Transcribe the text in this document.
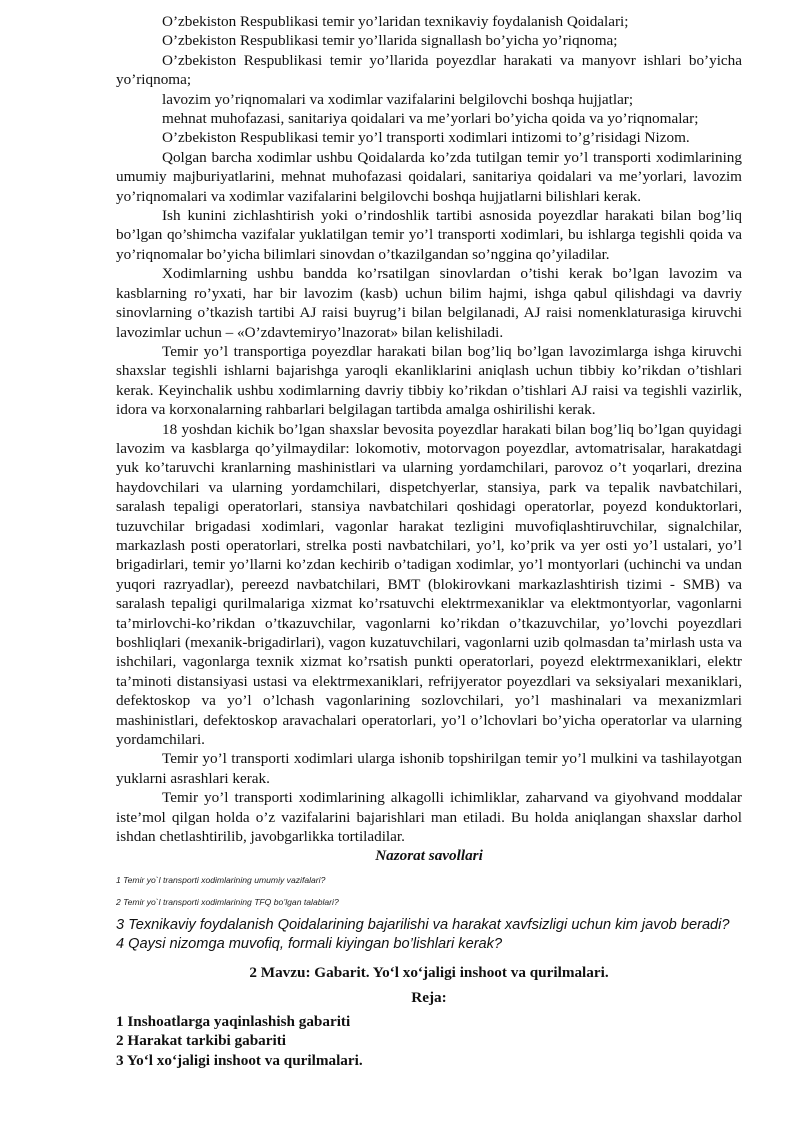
O’zbekiston Respublikasi temir yo’laridan texnikaviy foydalanish Qoidalari;

O’zbekiston Respublikasi temir yo’llarida signallash bo’yicha yo’riqnoma;

O’zbekiston Respublikasi temir yo’llarida poyezdlar harakati va manyovr ishlari bo’yicha yo’riqnoma;

lavozim yo’riqnomalari va xodimlar vazifalarini belgilovchi boshqa hujjatlar;

mehnat muhofazasi, sanitariya qoidalari va me’yorlari bo’yicha qoida va yo’riqnomalar;

O’zbekiston Respublikasi temir yo’l transporti xodimlari intizomi to’g’risidagi Nizom.

Qolgan barcha xodimlar ushbu Qoidalarda ko’zda tutilgan temir yo’l transporti xodimlarining umumiy majburiyatlarini, mehnat muhofazasi qoidalari, sanitariya qoidalari va me’yorlari, lavozim yo’riqnomalari va xodimlar vazifalarini belgilovchi boshqa hujjatlarni bilishlari kerak.

Ish kunini zichlashtirish yoki o’rindoshlik tartibi asnosida poyezdlar harakati bilan bog’liq bo’lgan qo’shimcha vazifalar yuklatilgan temir yo’l transporti xodimlari, bu ishlarga tegishli qoida va yo’riqnomalar bo’yicha bilimlari sinovdan o’tkazilgandan so’nggina qo’yiladilar.

Xodimlarning ushbu bandda ko’rsatilgan sinovlardan o’tishi kerak bo’lgan lavozim va kasblarning ro’yxati, har bir lavozim (kasb) uchun bilim hajmi, ishga qabul qilishdagi va davriy sinovlarning o’tkazish tartibi AJ raisi buyrug’i bilan belgilanadi, AJ raisi nomenklaturasiga kiruvchi lavozimlar uchun – «O’zdavtemiryo’lnazorat» bilan kelishiladi.

Temir yo’l transportiga poyezdlar harakati bilan bog’liq bo’lgan lavozimlarga ishga kiruvchi shaxslar tegishli ishlarni bajarishga yaroqli ekanliklarini aniqlash uchun tibbiy ko’rikdan o’tishlari kerak. Keyinchalik ushbu xodimlarning davriy tibbiy ko’rikdan o’tishlari AJ raisi va tegishli vazirlik, idora va korxonalarning rahbarlari belgilagan tartibda amalga oshirilishi kerak.

18 yoshdan kichik bo’lgan shaxslar bevosita poyezdlar harakati bilan bog’liq bo’lgan quyidagi lavozim va kasblarga qo’yilmaydilar: lokomotiv, motorvagon poyezdlar, avtomatrisalar, harakatdagi yuk ko’taruvchi kranlarning mashinistlari va ularning yordamchilari, parovoz o’t yoqarlari, drezina haydovchilari va ularning yordamchilari, dispetchyerlar, stansiya, park va tepalik navbatchilari, saralash tepaligi operatorlari, stansiya navbatchilari qoshidagi operatorlar, poyezd konduktorlari, tuzuvchilar brigadasi xodimlari, vagonlar harakat tezligini muvofiqlashtiruvchilar, signalchilar, markazlash posti operatorlari, strelka posti navbatchilari, yo’l, ko’prik va yer osti yo’l ustalari, yo’l brigadirlari, temir yo’llarni ko’zdan kechirib o’tadigan xodimlar, yo’l montyorlari (uchinchi va undan yuqori razryadlar), pereezd navbatchilari, BMT (blokirovkani markazlashtirish tizimi - SMB) va saralash tepaligi qurilmalariga xizmat ko’rsatuvchi elektrmexaniklar va elektmontyorlar, vagonlarni ta’mirlovchi-ko’rikdan o’tkazuvchilar, vagonlarni ko’rikdan o’tkazuvchilar, yo’lovchi poyezdlari boshliqlari (mexanik-brigadirlari), vagon kuzatuvchilari, vagonlarni uzib qolmasdan ta’mirlash usta va ishchilari, vagonlarga texnik xizmat ko’rsatish punkti operatorlari, poyezd elektrmexaniklari, elektr ta’minoti distansiyasi ustasi va elektrmexaniklari, refrijyerator poyezdlari va seksiyalari mexaniklari, defektoskop va yo’l o’lchash vagonlarining sozlovchilari, yo’l mashinalari va mexanizmlari mashinistlari, defektoskop aravachalari operatorlari, yo’l o’lchovlari bo’yicha operatorlar va ularning yordamchilari.

Temir yo’l transporti xodimlari ularga ishonib topshirilgan temir yo’l mulkini va tashilayotgan yuklarni asrashlari kerak.

Temir yo’l transporti xodimlarining alkagolli ichimliklar, zaharvand va giyohvand moddalar iste’mol qilgan holda o’z vazifalarini bajarishlari man etiladi. Bu holda aniqlangan shaxslar darhol ishdan chetlashtirilib, javobgarlikka tortiladilar.

Nazorat savollari

1 Temir yo`l transporti xodimlarining umumiy vazifalari?

2 Temir yo`l transporti xodimlarining TFQ bo’lgan talablari?

3 Texnikaviy foydalanish Qoidalarining bajarilishi va harakat xavfsizligi uchun kim javob beradi?

4 Qaysi nizomga muvofiq, formali kiyingan bo’lishlari kerak?

2 Mavzu: Gabarit. Yo‘l xo‘jaligi inshoot va qurilmalari.

Reja:

1 Inshoatlarga yaqinlashish gabariti

2 Harakat tarkibi gabariti

3 Yo‘l xo‘jaligi inshoot va qurilmalari.
